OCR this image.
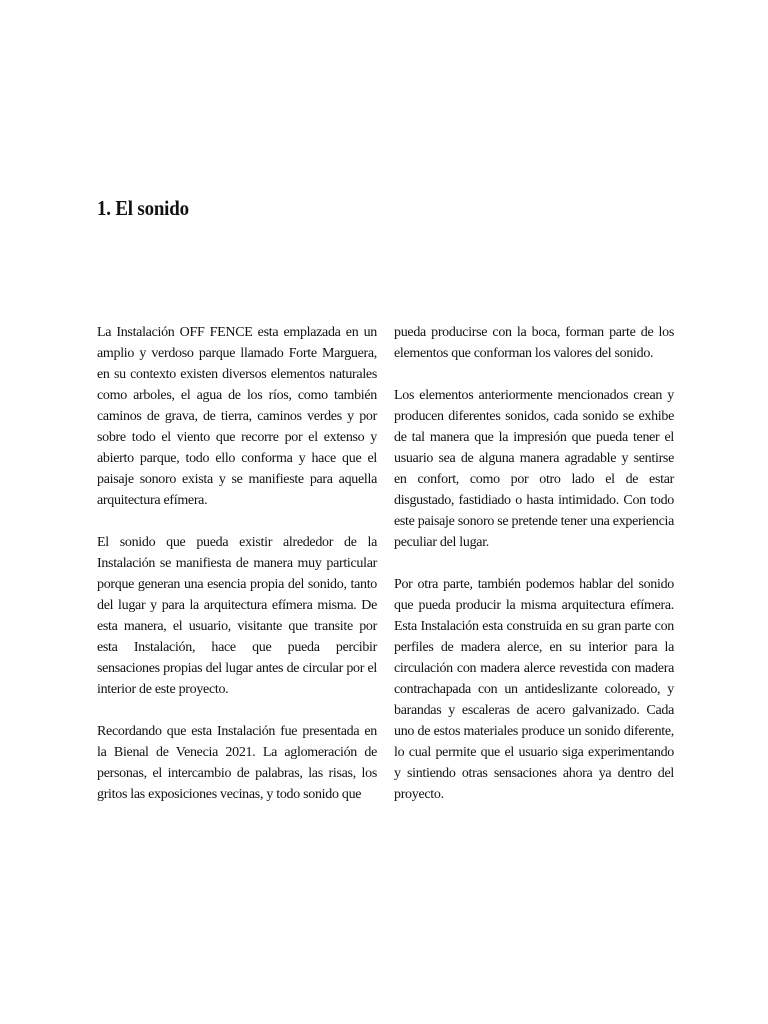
1. El sonido

La Instalación OFF FENCE esta emplazada en un amplio y verdoso parque llamado Forte Marguera, en su contexto existen diversos elementos naturales como arboles, el agua de los ríos, como también caminos de grava, de tierra, caminos verdes y por sobre todo el viento que recorre por el extenso y abierto parque, todo ello conforma y hace que el paisaje sonoro exista y se manifieste para aquella arquitectura efímera.

El sonido que pueda existir alrededor de la Instalación se manifiesta de manera muy particular porque generan una esencia propia del sonido, tanto del lugar y para la arquitectura efímera misma. De esta manera, el usuario, visitante que transite por esta Instalación, hace que pueda percibir sensaciones propias del lugar antes de circular por el interior de este proyecto.

Recordando que esta Instalación fue presentada en la Bienal de Venecia 2021. La aglomeración de personas, el intercambio de palabras, las risas, los gritos las exposiciones vecinas, y todo sonido que

pueda producirse con la boca, forman parte de los elementos que conforman los valores del sonido.

Los elementos anteriormente mencionados crean y producen diferentes sonidos, cada sonido se exhibe de tal manera que la impresión que pueda tener el usuario sea de alguna manera agradable y sentirse en confort, como por otro lado el de estar disgustado, fastidiado o hasta intimidado. Con todo este paisaje sonoro se pretende tener una experiencia peculiar del lugar.

Por otra parte, también podemos hablar del sonido que pueda producir la misma arquitectura efímera. Esta Instalación esta construida en su gran parte con perfiles de madera alerce, en su interior para la circulación con madera alerce revestida con madera contrachapada con un antideslizante coloreado, y barandas y escaleras de acero galvanizado. Cada uno de estos materiales produce un sonido diferente, lo cual permite que el usuario siga experimentando y sintiendo otras sensaciones ahora ya dentro del proyecto.
